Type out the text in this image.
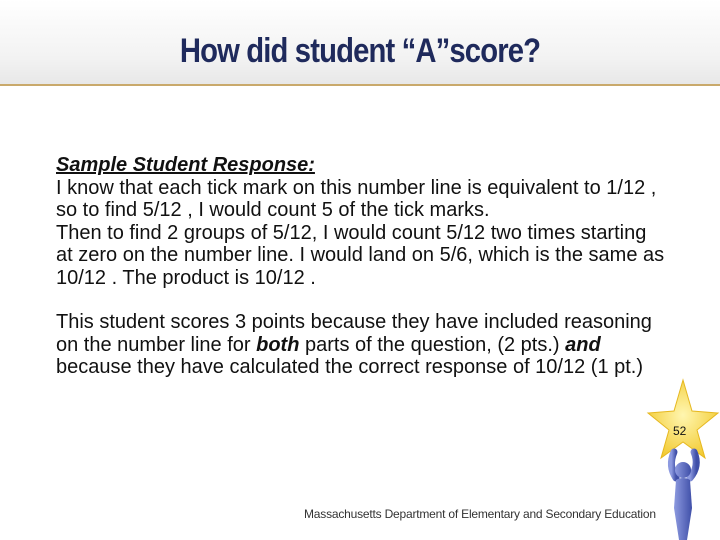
How did student “A”score?

Sample Student Response:
I know that each tick mark on this number line is equivalent to 1/12 , so to find 5/12 , I would count 5 of the tick marks.
Then to find 2 groups of 5/12, I would count 5/12 two times starting at zero on the number line. I would land on 5/6, which is the same as 10/12 . The product is 10/12 .

This student scores 3 points because they have included reasoning on the number line for both parts of the question, (2 pts.) and because they have calculated the correct response of 10/12 (1 pt.)

52
Massachusetts Department of Elementary and Secondary Education
